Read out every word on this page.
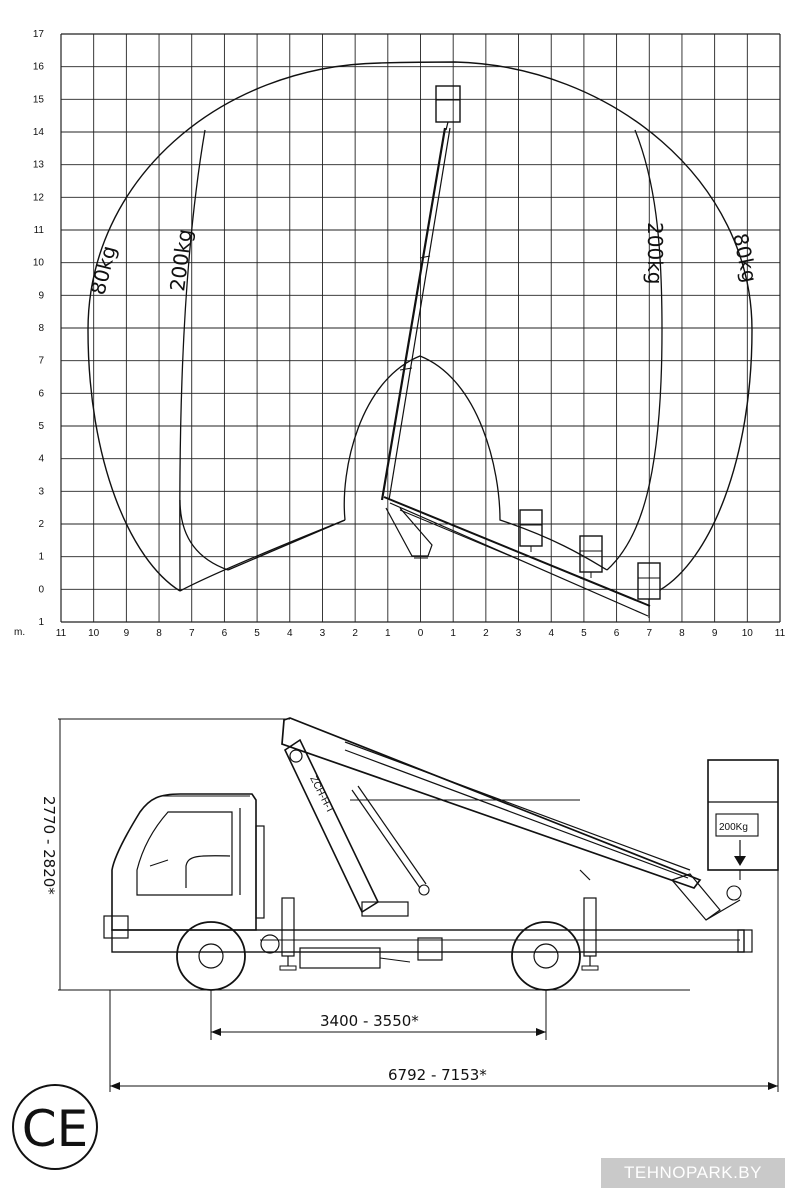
17
16
15
14
13
12
11
10
9
8
7
6
5
4
3
2
1
0
1
11 10 9	8	7	6	5	4	3	2	1	0	1	2	3	4	5	6	7	8	9 10 11
m.
80kg 200kg	200kg	80kg
2770 - 2820*
ZCH-H-T
200Kg
3400 - 3550*
6792 - 7153*
CE
TEHNOPARK.BY
